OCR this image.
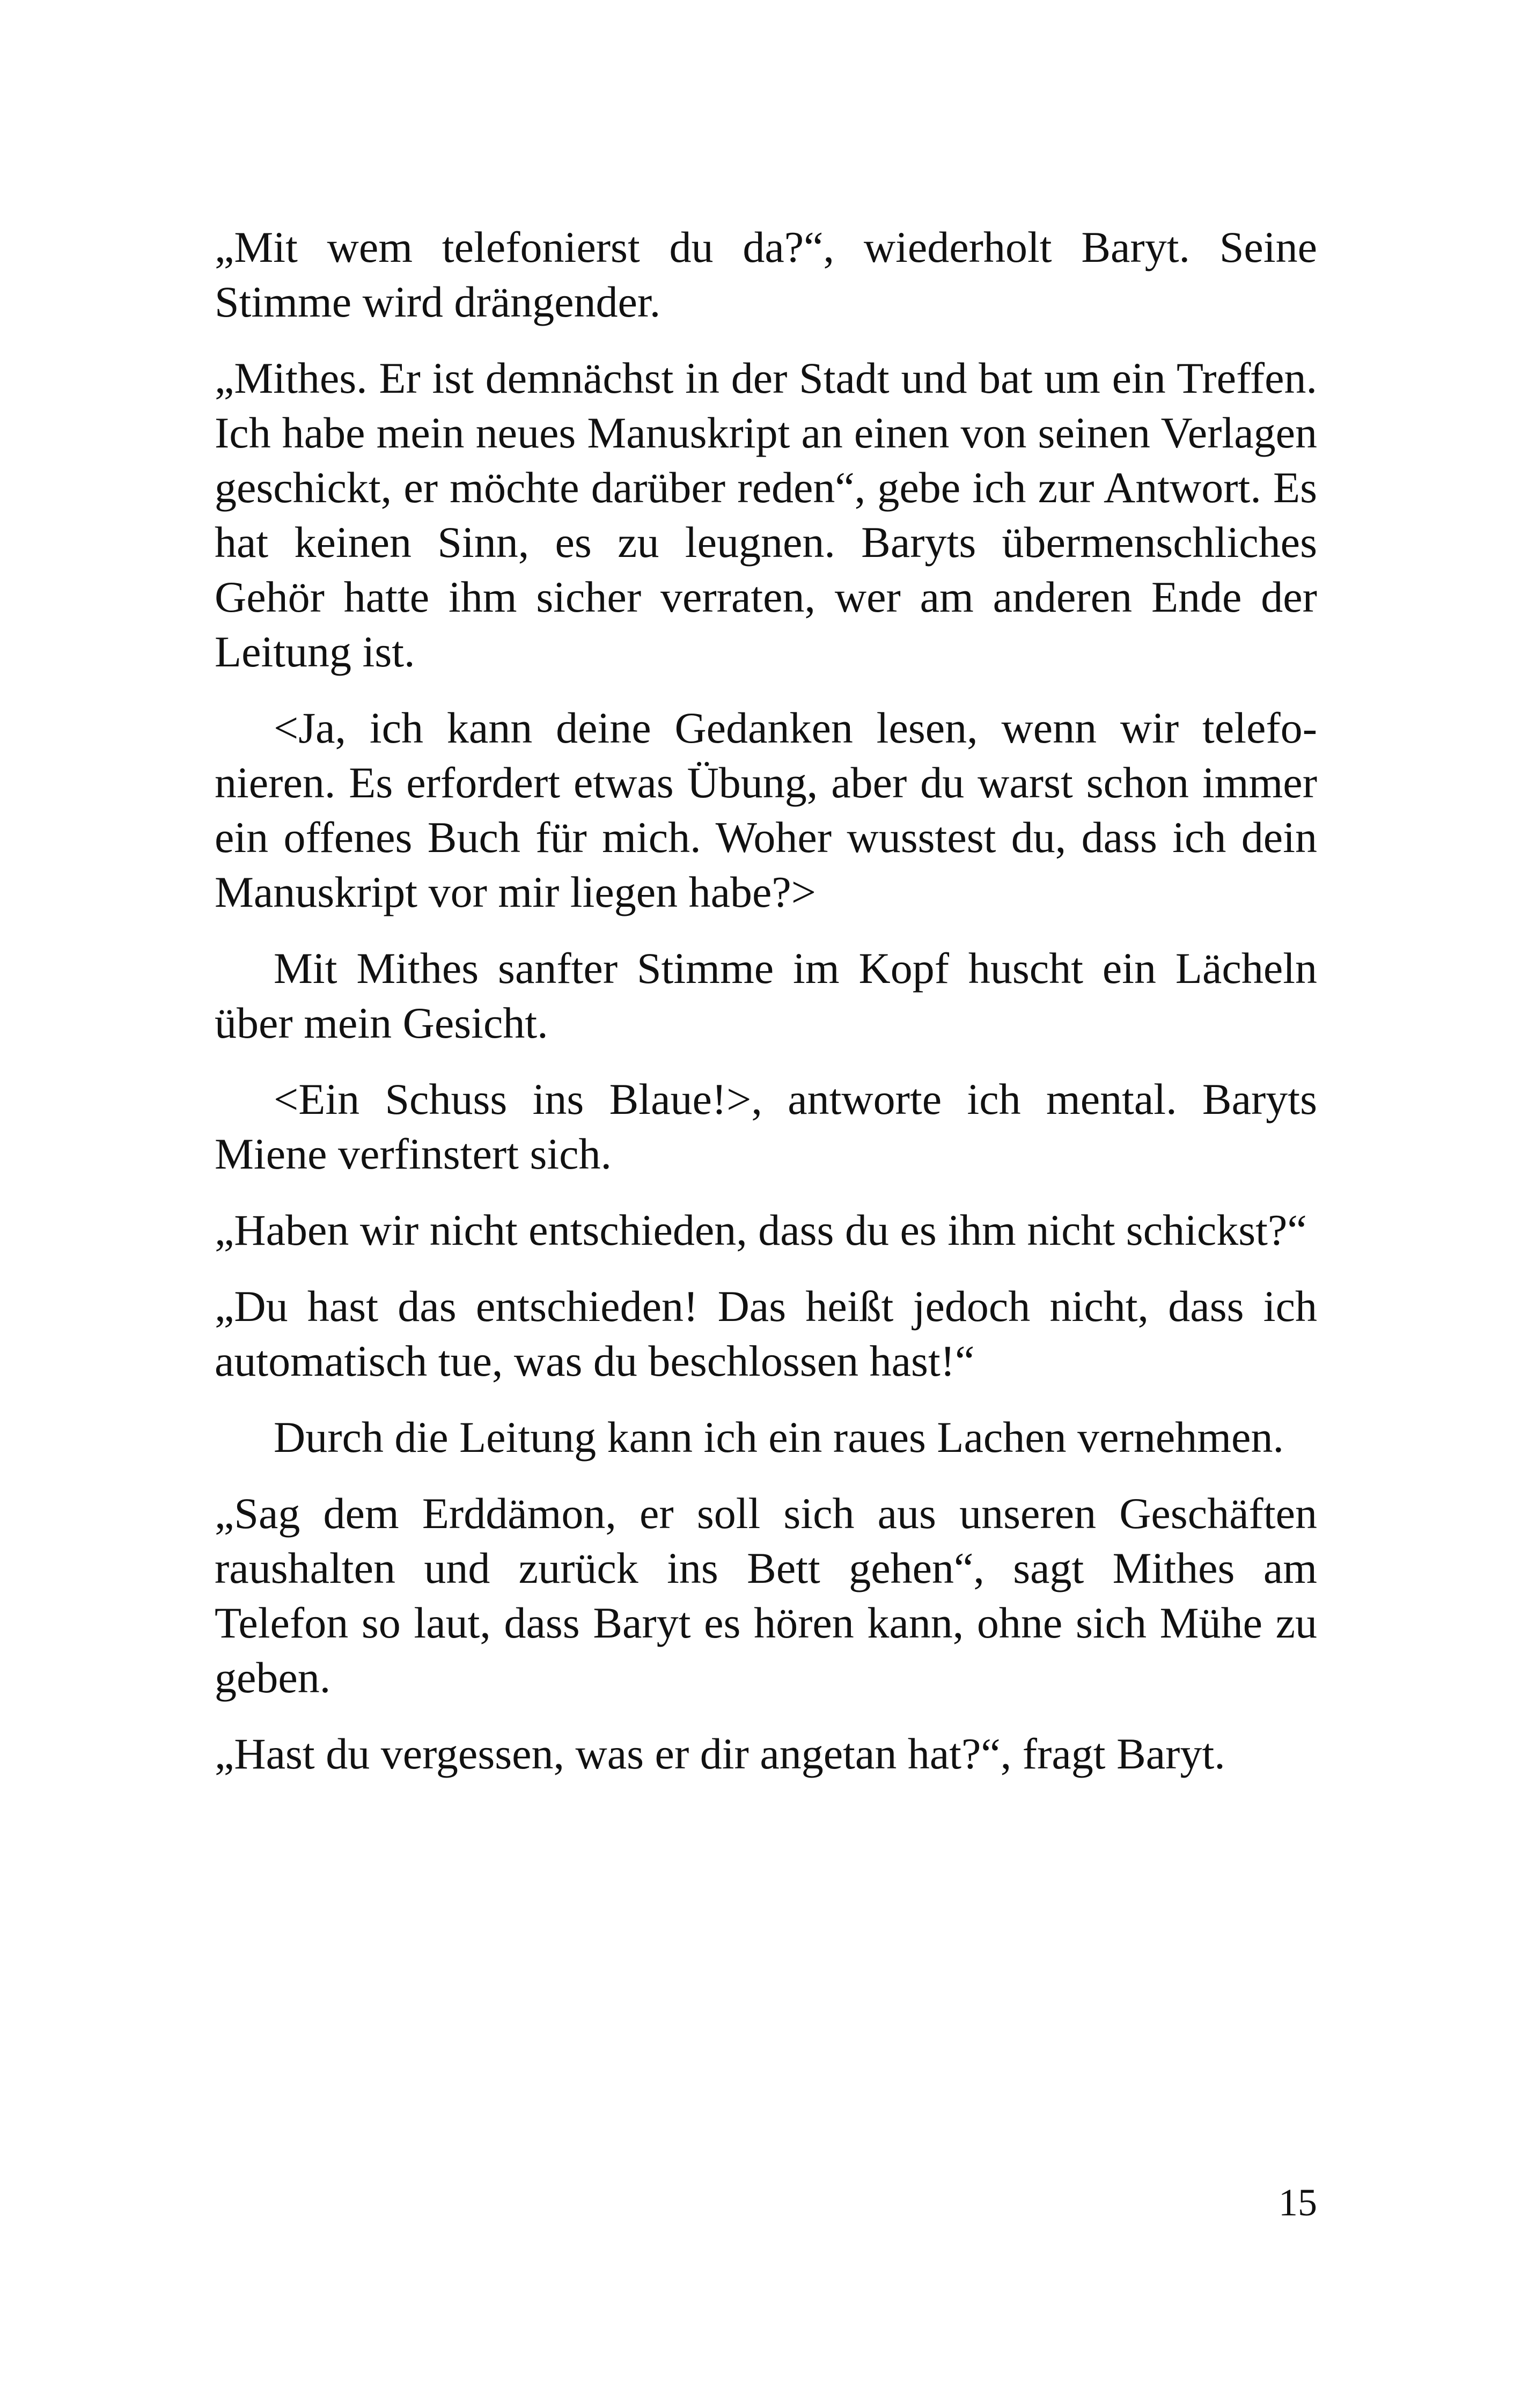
„Mit wem telefonierst du da?“, wiederholt Baryt. Seine Stimme wird drängender.

„Mithes. Er ist demnächst in der Stadt und bat um ein Treffen. Ich habe mein neues Manuskript an einen von seinen Verlagen geschickt, er möchte darüber reden“, gebe ich zur Antwort. Es hat keinen Sinn, es zu leugnen. Baryts übermenschliches Gehör hatte ihm sicher verraten, wer am anderen Ende der Leitung ist.

<Ja, ich kann deine Gedanken lesen, wenn wir telefonieren. Es erfordert etwas Übung, aber du warst schon immer ein offenes Buch für mich. Woher wusstest du, dass ich dein Manuskript vor mir liegen habe?>

Mit Mithes sanfter Stimme im Kopf huscht ein Lächeln über mein Gesicht.

<Ein Schuss ins Blaue!>, antworte ich mental. Baryts Miene verfinstert sich.

„Haben wir nicht entschieden, dass du es ihm nicht schickst?“

„Du hast das entschieden! Das heißt jedoch nicht, dass ich automatisch tue, was du beschlossen hast!“

Durch die Leitung kann ich ein raues Lachen vernehmen.

„Sag dem Erddämon, er soll sich aus unseren Geschäften raushalten und zurück ins Bett gehen“, sagt Mithes am Telefon so laut, dass Baryt es hören kann, ohne sich Mühe zu geben.

„Hast du vergessen, was er dir angetan hat?“, fragt Baryt.

15
